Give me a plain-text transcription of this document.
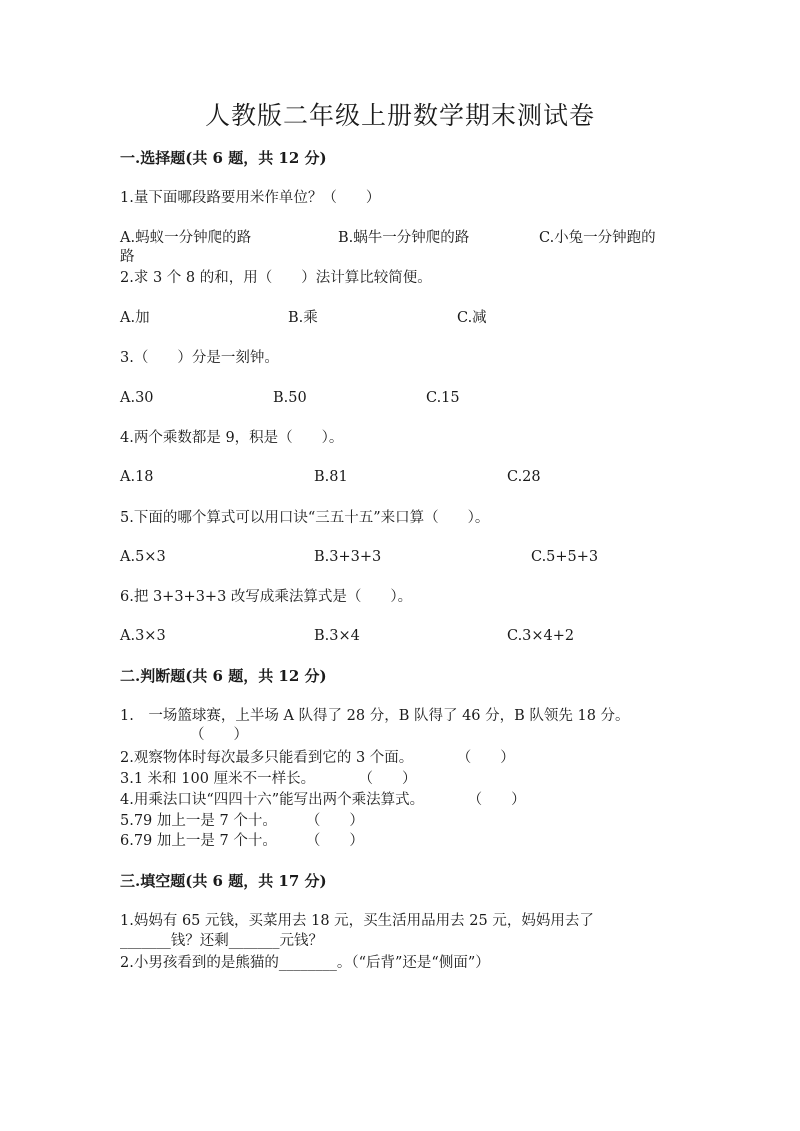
人教版二年级上册数学期末测试卷
一.选择题(共 6 题，共 12 分)
1.量下面哪段路要用米作单位？（　　）
A.蚂蚁一分钟爬的路	B.蜗牛一分钟爬的路	C.小兔一分钟跑的
路
2.求 3 个 8 的和，用（　　）法计算比较简便。
A.加	B.乘	C.减
3.（　　）分是一刻钟。
A.30	B.50	C.15
4.两个乘数都是 9，积是（　　）。
A.18	B.81	C.28
5.下面的哪个算式可以用口诀“三五十五”来口算（　　）。
A.5×3	B.3+3+3	C.5+5+3
6.把 3+3+3+3 改写成乘法算式是（　　）。
A.3×3	B.3×4	C.3×4+2
二.判断题(共 6 题，共 12 分)
1.　一场篮球赛，上半场 A 队得了 28 分，B 队得了 46 分，B 队领先 18 分。
（　　）
2.观察物体时每次最多只能看到它的 3 个面。　　　　（　　）
3.1 米和 100 厘米不一样长。　　　　（　　）
4.用乘法口诀“四四十六”能写出两个乘法算式。　　　　（　　）
5.79 加上一是 7 个十。　　　（　　）
6.79 加上一是 7 个十。　　　（　　）
三.填空题(共 6 题，共 17 分)
1.妈妈有 65 元钱，买菜用去 18 元，买生活用品用去 25 元，妈妈用去了
_______钱？还剩_______元钱？
2.小男孩看到的是熊猫的________。（“后背”还是“侧面”）
